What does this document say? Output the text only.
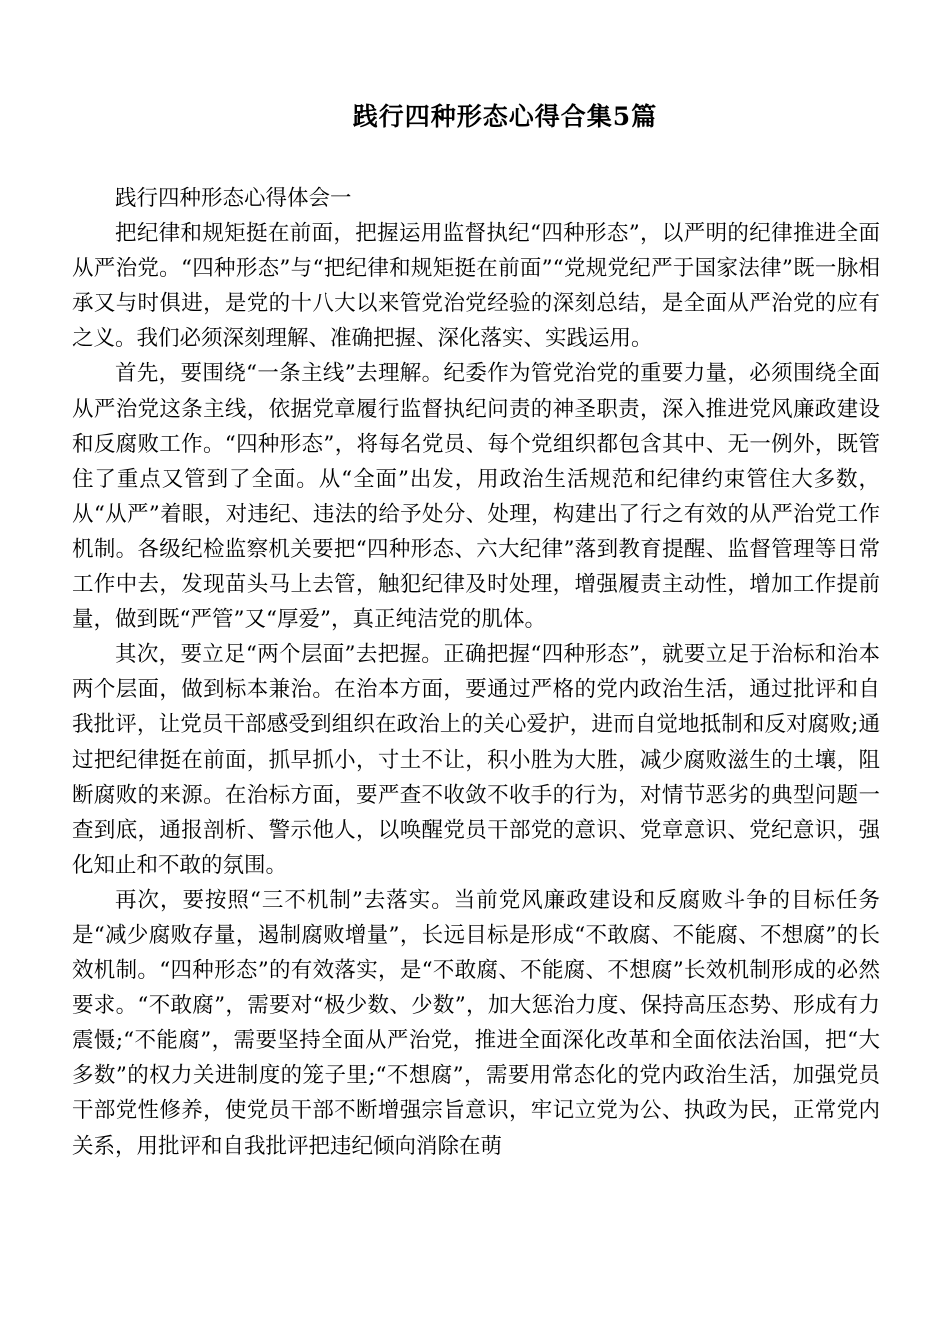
践行四种形态心得合集5篇

践行四种形态心得体会一

把纪律和规矩挺在前面，把握运用监督执纪“四种形态”，以严明的纪律推进全面从严治党。“四种形态”与“把纪律和规矩挺在前面”“党规党纪严于国家法律”既一脉相承又与时俱进，是党的十八大以来管党治党经验的深刻总结，是全面从严治党的应有之义。我们必须深刻理解、准确把握、深化落实、实践运用。

首先，要围绕“一条主线”去理解。纪委作为管党治党的重要力量，必须围绕全面从严治党这条主线，依据党章履行监督执纪问责的神圣职责，深入推进党风廉政建设和反腐败工作。“四种形态”，将每名党员、每个党组织都包含其中、无一例外，既管住了重点又管到了全面。从“全面”出发，用政治生活规范和纪律约束管住大多数，从“从严”着眼，对违纪、违法的给予处分、处理，构建出了行之有效的从严治党工作机制。各级纪检监察机关要把“四种形态、六大纪律”落到教育提醒、监督管理等日常工作中去，发现苗头马上去管，触犯纪律及时处理，增强履责主动性，增加工作提前量，做到既“严管”又“厚爱”，真正纯洁党的肌体。

其次，要立足“两个层面”去把握。正确把握“四种形态”，就要立足于治标和治本两个层面，做到标本兼治。在治本方面，要通过严格的党内政治生活，通过批评和自我批评，让党员干部感受到组织在政治上的关心爱护，进而自觉地抵制和反对腐败;通过把纪律挺在前面，抓早抓小，寸土不让，积小胜为大胜，减少腐败滋生的土壤，阻断腐败的来源。在治标方面，要严查不收敛不收手的行为，对情节恶劣的典型问题一查到底，通报剖析、警示他人，以唤醒党员干部党的意识、党章意识、党纪意识，强化知止和不敢的氛围。

再次，要按照“三不机制”去落实。当前党风廉政建设和反腐败斗争的目标任务是“减少腐败存量，遏制腐败增量”，长远目标是形成“不敢腐、不能腐、不想腐”的长效机制。“四种形态”的有效落实，是“不敢腐、不能腐、不想腐”长效机制形成的必然要求。“不敢腐”，需要对“极少数、少数”，加大惩治力度、保持高压态势、形成有力震慑;“不能腐”，需要坚持全面从严治党，推进全面深化改革和全面依法治国，把“大多数”的权力关进制度的笼子里;“不想腐”，需要用常态化的党内政治生活，加强党员干部党性修养，使党员干部不断增强宗旨意识，牢记立党为公、执政为民，正常党内关系，用批评和自我批评把违纪倾向消除在萌
